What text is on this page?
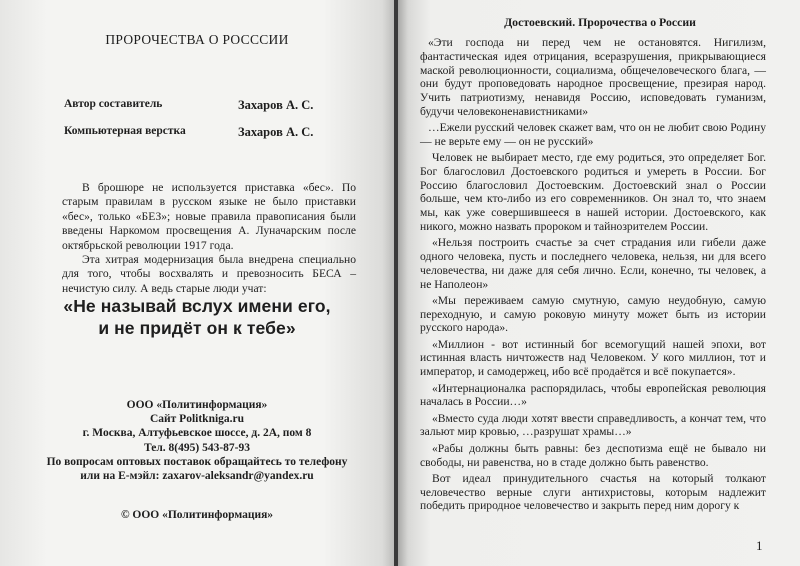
ПРОРОЧЕСТВА О РОСССИИ
Автор составитель	Захаров А. С.
Компьютерная верстка	Захаров А. С.

В брошюре не используется приставка «бес». По старым правилам в русском языке не было приставки «бес», только «БЕЗ»; новые правила правописания были введены Наркомом просвещения А. Луначарским после октябрьской революции 1917 года.

Эта хитрая модернизация была внедрена специально для того, чтобы восхвалять и превозносить БЕСА – нечистую силу. А ведь старые люди учат:

«Не называй вслух имени его,
и не придёт он к тебе»
ООО «Политинформация»
Сайт Politkniga.ru
г. Москва, Алтуфьевское шоссе, д. 2А, пом 8
Тел. 8(495) 543-87-93
По вопросам оптовых поставок обращайтесь то телефону
или на Е-мэйл: zaxarov-aleksandr@yandex.ru
© ООО «Политинформация»
Достоевский. Пророчества о России

«Эти господа ни перед чем не остановятся. Нигилизм, фантастическая идея отрицания, всеразрушения, прикрывающиеся маской революционности, социализма, общечеловеческого блага, — они будут проповедовать народное просвещение, презирая народ. Учить патриотизму, ненавидя Россию, исповедовать гуманизм, будучи человеконенавистниками»

…Ежели русский человек скажет вам, что он не любит свою Родину — не верьте ему — он не русский»

Человек не выбирает место, где ему родиться, это определяет Бог. Бог благословил Достоевского родиться и умереть в России. Бог Россию благословил Достоевским. Достоевский знал о России больше, чем кто-либо из его современников. Он знал то, что знаем мы, как уже совершившееся в нашей истории. Достоевского, как никого, можно назвать пророком и тайнозрителем России.

«Нельзя построить счастье за счет страдания или гибели даже одного человека, пусть и последнего человека, нельзя, ни для всего человечества, ни даже для себя лично. Если, конечно, ты человек, а не Наполеон»

«Мы переживаем самую смутную, самую неудобную, самую переходную, и самую роковую минуту может быть из истории русского народа».

«Миллион - вот истинный бог всемогущий нашей эпохи, вот истинная власть ничтожеств над Человеком. У кого миллион, тот и император, и самодержец, ибо всё продаётся и всё покупается».

«Интернационалка распорядилась, чтобы европейская революция началась в России…»

«Вместо суда люди хотят ввести справедливость, а кончат тем, что зальют мир кровью, …разрушат храмы…»

«Рабы должны быть равны: без деспотизма ещё не бывало ни свободы, ни равенства, но в стаде должно быть равенство.

Вот идеал принудительного счастья на который толкают человечество верные слуги антихристовы, которым надлежит победить природное человечество и закрыть перед ним дорогу к

1
